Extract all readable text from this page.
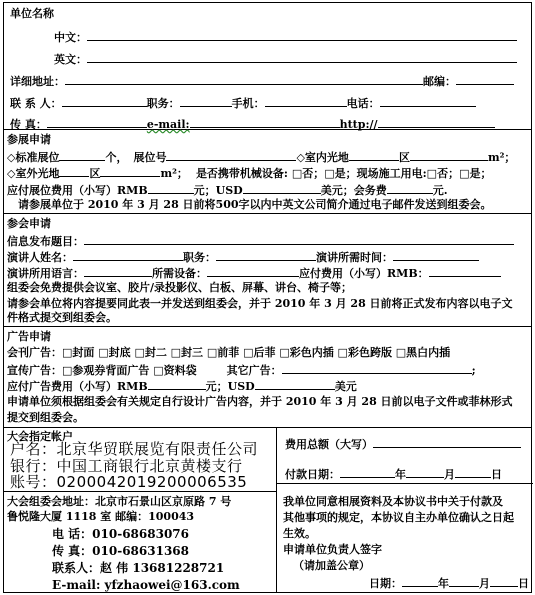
单位名称
中文：
英文：
详细地址：	邮编：
联 系 人：	职务：	手机：	电话：
传 真：	e-mail:	http://
参展申请
◇标准展位	个， 展位号	◇室内光地	区	m²；
◇室外光地	区	m²； 是否携带机械设备: □否；□是；现场施工用电:□否；□是；
应付展位费用（小写）RMB	元；USD	美元；会务费	元.
请参展单位于 2010 年 3 月 28 日前将500字以内中英文公司简介通过电子邮件发送到组委会。
参会申请
信息发布题目：
演讲人姓名：	职务：	演讲所需时间：
演讲所用语言：	所需设备：	应付费用（小写）RMB：
组委会免费提供会议室、胶片/录投影仪、白板、屏幕、讲台、椅子等；
请参会单位将内容提要同此表一并发送到组委会，并于 2010 年 3 月 28 日前将正式发布内容以电子文
件格式提交到组委会。
广告申请
会刊广告：□封面 □封底 □封二 □封三 □前菲 □后菲 □彩色内插 □彩色跨版 □黑白内插
宣传广告：□参观券背面广告 □资料袋	其它广告：	;
应付广告费用（小写）RMB	元；USD	美元
申请单位须根据组委会有关规定自行设计广告内容，并于 2010 年 3 月 28 日前以电子文件或菲林形式
提交到组委会。
大会指定帐户
户名：北京华贸联展览有限责任公司
银行：中国工商银行北京黄楼支行
账号：0200042019200006535
费用总额（大写）
付款日期：	年	月	日
大会组委会地址：北京市石景山区京原路 7 号
鲁悦隆大厦 1118 室 邮编：100043
电 话：010-68683076
传 真：010-68631368
联系人：赵 伟 13681228721
E-mail: yfzhaowei@163.com
我单位同意相展资料及本协议书中关于付款及
其他事项的规定，本协议自主办单位确认之日起
生效。
申请单位负责人签字
（请加盖公章）
日期：	年	月	日
